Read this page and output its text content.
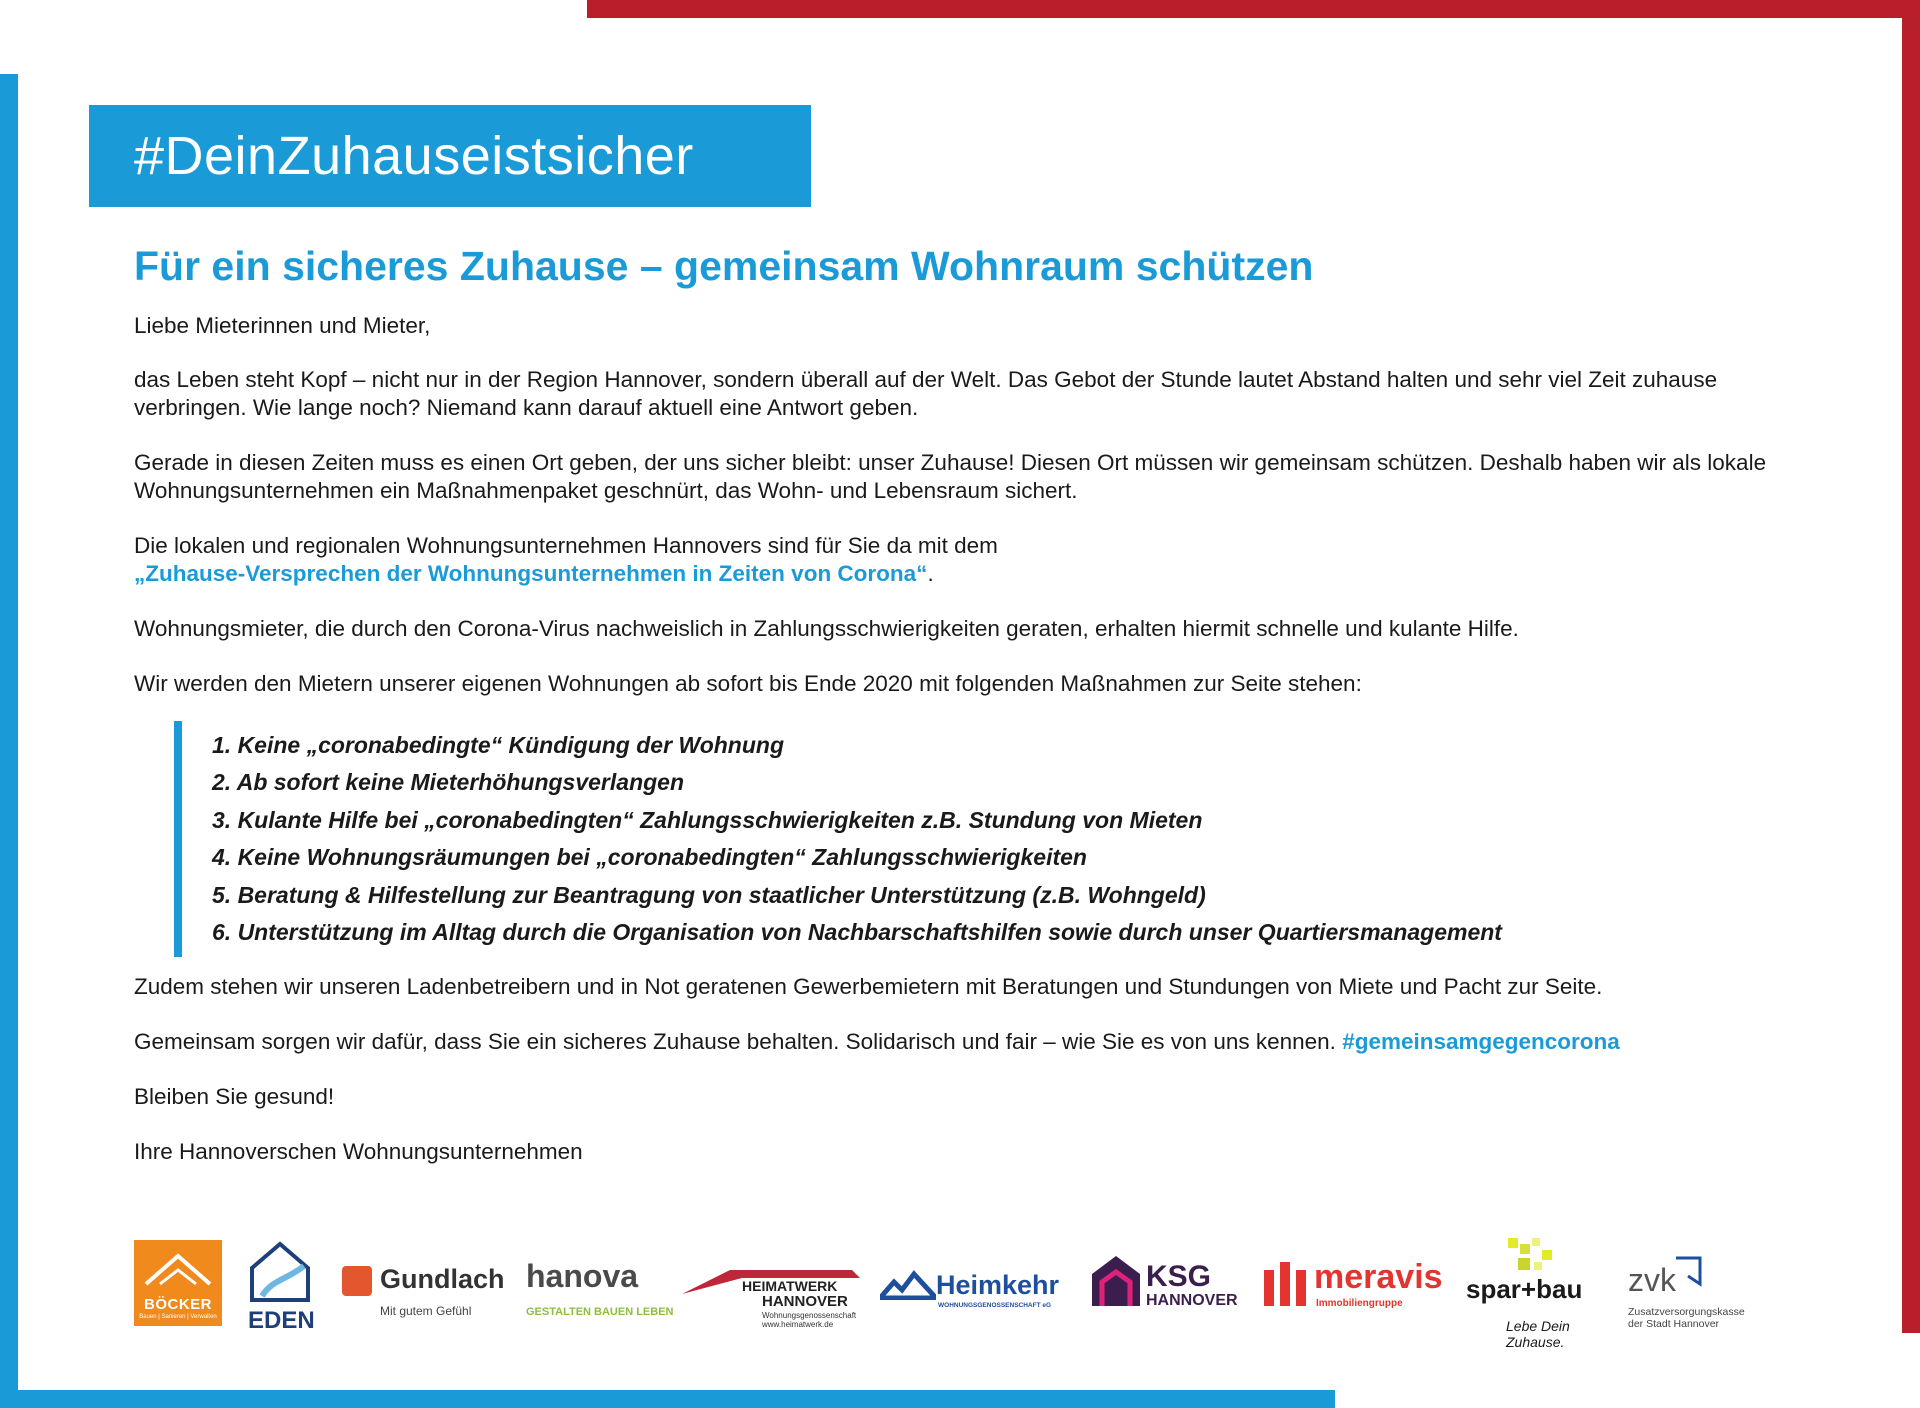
#DeinZuhauseistsicher
Für ein sicheres Zuhause – gemeinsam Wohnraum schützen

Liebe Mieterinnen und Mieter,

das Leben steht Kopf – nicht nur in der Region Hannover, sondern überall auf der Welt. Das Gebot der Stunde lautet Abstand halten und sehr viel Zeit zuhause verbringen. Wie lange noch? Niemand kann darauf aktuell eine Antwort geben.

Gerade in diesen Zeiten muss es einen Ort geben, der uns sicher bleibt: unser Zuhause! Diesen Ort müssen wir gemeinsam schützen. Deshalb haben wir als lokale Wohnungsunternehmen ein Maßnahmenpaket geschnürt, das Wohn- und Lebensraum sichert.

Die lokalen und regionalen Wohnungsunternehmen Hannovers sind für Sie da mit dem
„Zuhause-Versprechen der Wohnungsunternehmen in Zeiten von Corona“.

Wohnungsmieter, die durch den Corona-Virus nachweislich in Zahlungsschwierigkeiten geraten, erhalten hiermit schnelle und kulante Hilfe.

Wir werden den Mietern unserer eigenen Wohnungen ab sofort bis Ende 2020 mit folgenden Maßnahmen zur Seite stehen:

1. Keine „coronabedingte“ Kündigung der Wohnung
2. Ab sofort keine Mieterhöhungsverlangen
3. Kulante Hilfe bei „coronabedingten“ Zahlungsschwierigkeiten z.B. Stundung von Mieten
4. Keine Wohnungsräumungen bei „coronabedingten“ Zahlungsschwierigkeiten
5. Beratung & Hilfestellung zur Beantragung von staatlicher Unterstützung (z.B. Wohngeld)
6. Unterstützung im Alltag durch die Organisation von Nachbarschaftshilfen sowie durch unser Quartiersmanagement

Zudem stehen wir unseren Ladenbetreibern und in Not geratenen Gewerbemietern mit Beratungen und Stundungen von Miete und Pacht zur Seite.

Gemeinsam sorgen wir dafür, dass Sie ein sicheres Zuhause behalten. Solidarisch und fair – wie Sie es von uns kennen. #gemeinsamgegencorona

Bleiben Sie gesund!

Ihre Hannoverschen Wohnungsunternehmen

BÖCKER
Bauen | Sanieren | Verwalten EDEN
Gundlach
Mit gutem Gefühl
hanova
GESTALTEN BAUEN LEBEN
HEIMATWERK
HANNOVER
Wohnungsgenossenschaft
www.heimatwerk.de
Heimkehr
WOHNUNGSGENOSSENSCHAFT eG
KSG
HANNOVER
meravis
Immobiliengruppe spar+bau
Lebe Dein Zuhause.
zvk
Zusatzversorgungskasse
der Stadt Hannover
